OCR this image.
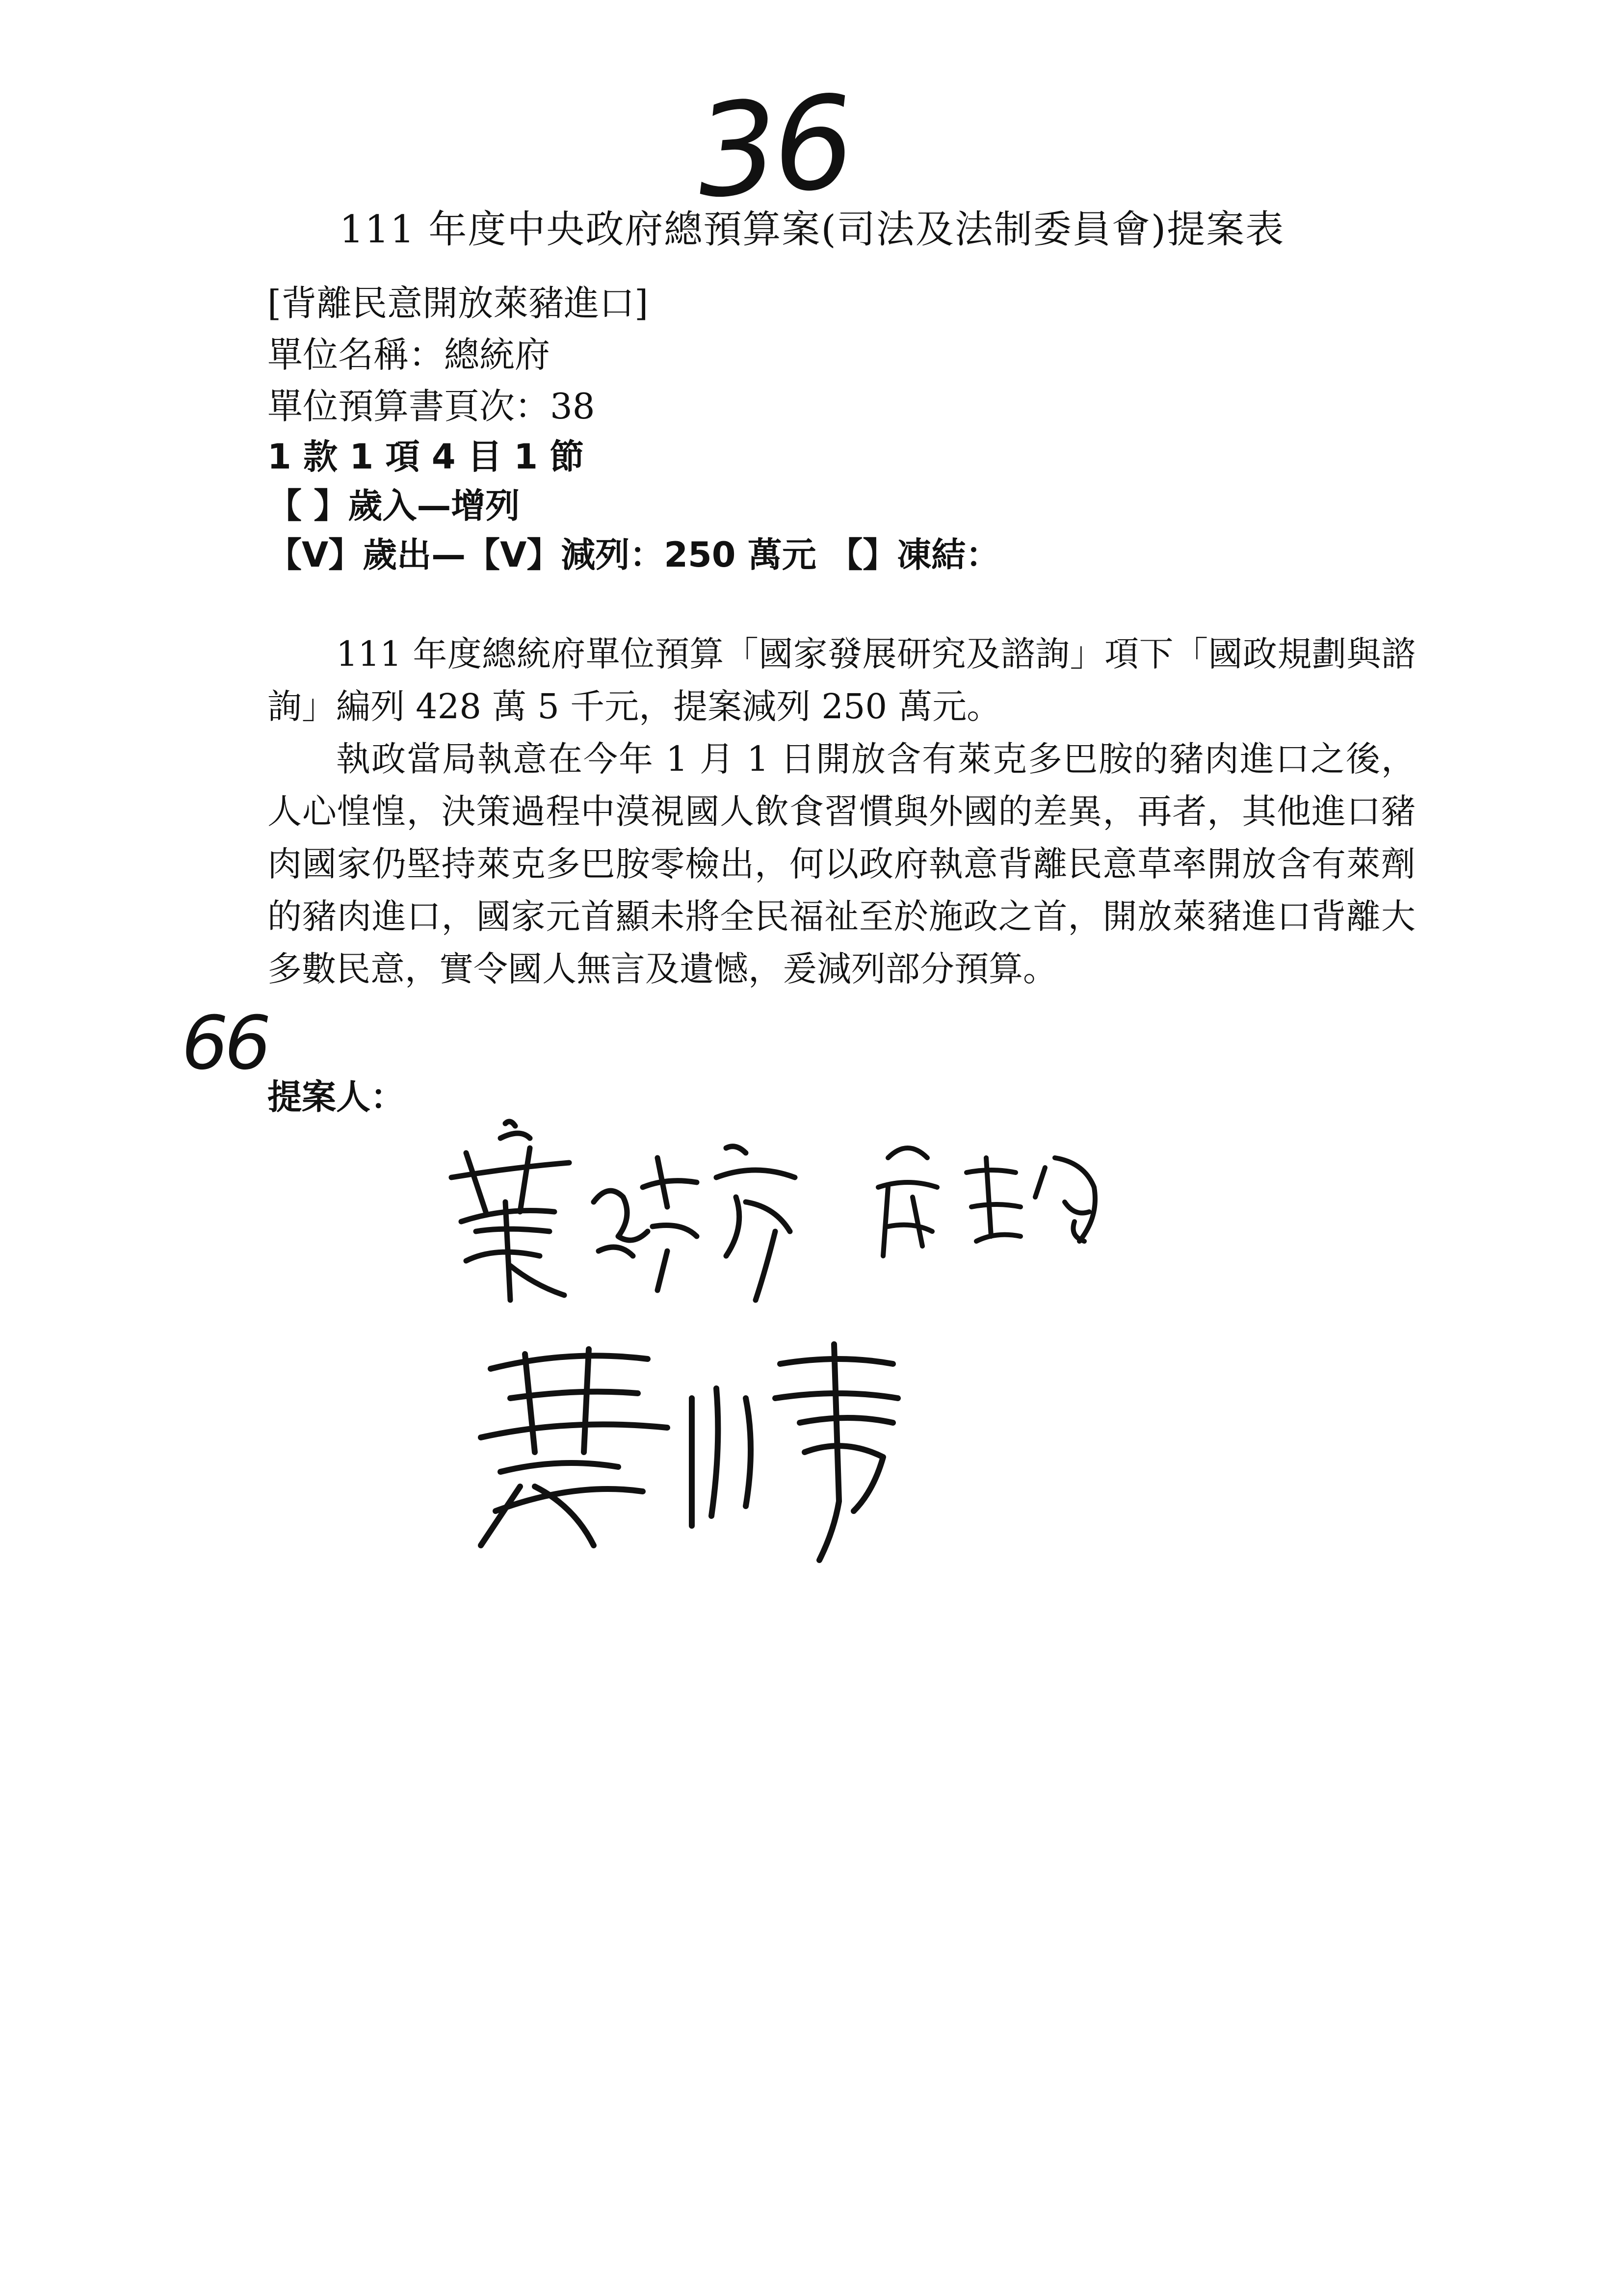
36
111 年度中央政府總預算案(司法及法制委員會)提案表
[背離民意開放萊豬進口]
單位名稱：總統府
單位預算書頁次：38
1 款 1 項 4 目 1 節
【 】歲入—增列
【V】歲出—【V】減列：250 萬元 【】凍結：
111 年度總統府單位預算「國家發展研究及諮詢」項下「國政規劃與諮詢」編列 428 萬 5 千元，提案減列 250 萬元。
執政當局執意在今年 1 月 1 日開放含有萊克多巴胺的豬肉進口之後，人心惶惶，決策過程中漠視國人飲食習慣與外國的差異，再者，其他進口豬肉國家仍堅持萊克多巴胺零檢出，何以政府執意背離民意草率開放含有萊劑的豬肉進口，國家元首顯未將全民福祉至於施政之首，開放萊豬進口背離大多數民意，實令國人無言及遺憾，爰減列部分預算。
66
提案人：
